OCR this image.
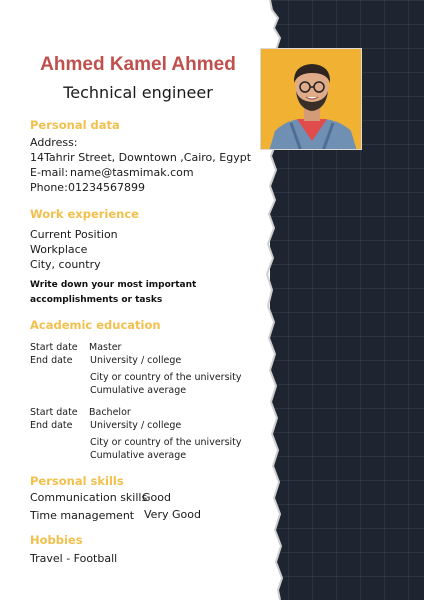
Ahmed Kamel Ahmed
Technical engineer
Personal data
Address:
14Tahrir Street, Downtown ,Cairo, Egypt
E-mail: name@tasmimak.com
Phone: 01234567899
Work experience
Current Position
Workplace
City, country
Write down your most important
accomplishments or tasks
Academic education
Start date
End date
Master
University / college
City or country of the university
Cumulative average
Start date
End date
Bachelor
University / college
City or country of the university
Cumulative average
Personal skills
Communication skills
Good
Time management Very Good
Hobbies
Travel - Football
